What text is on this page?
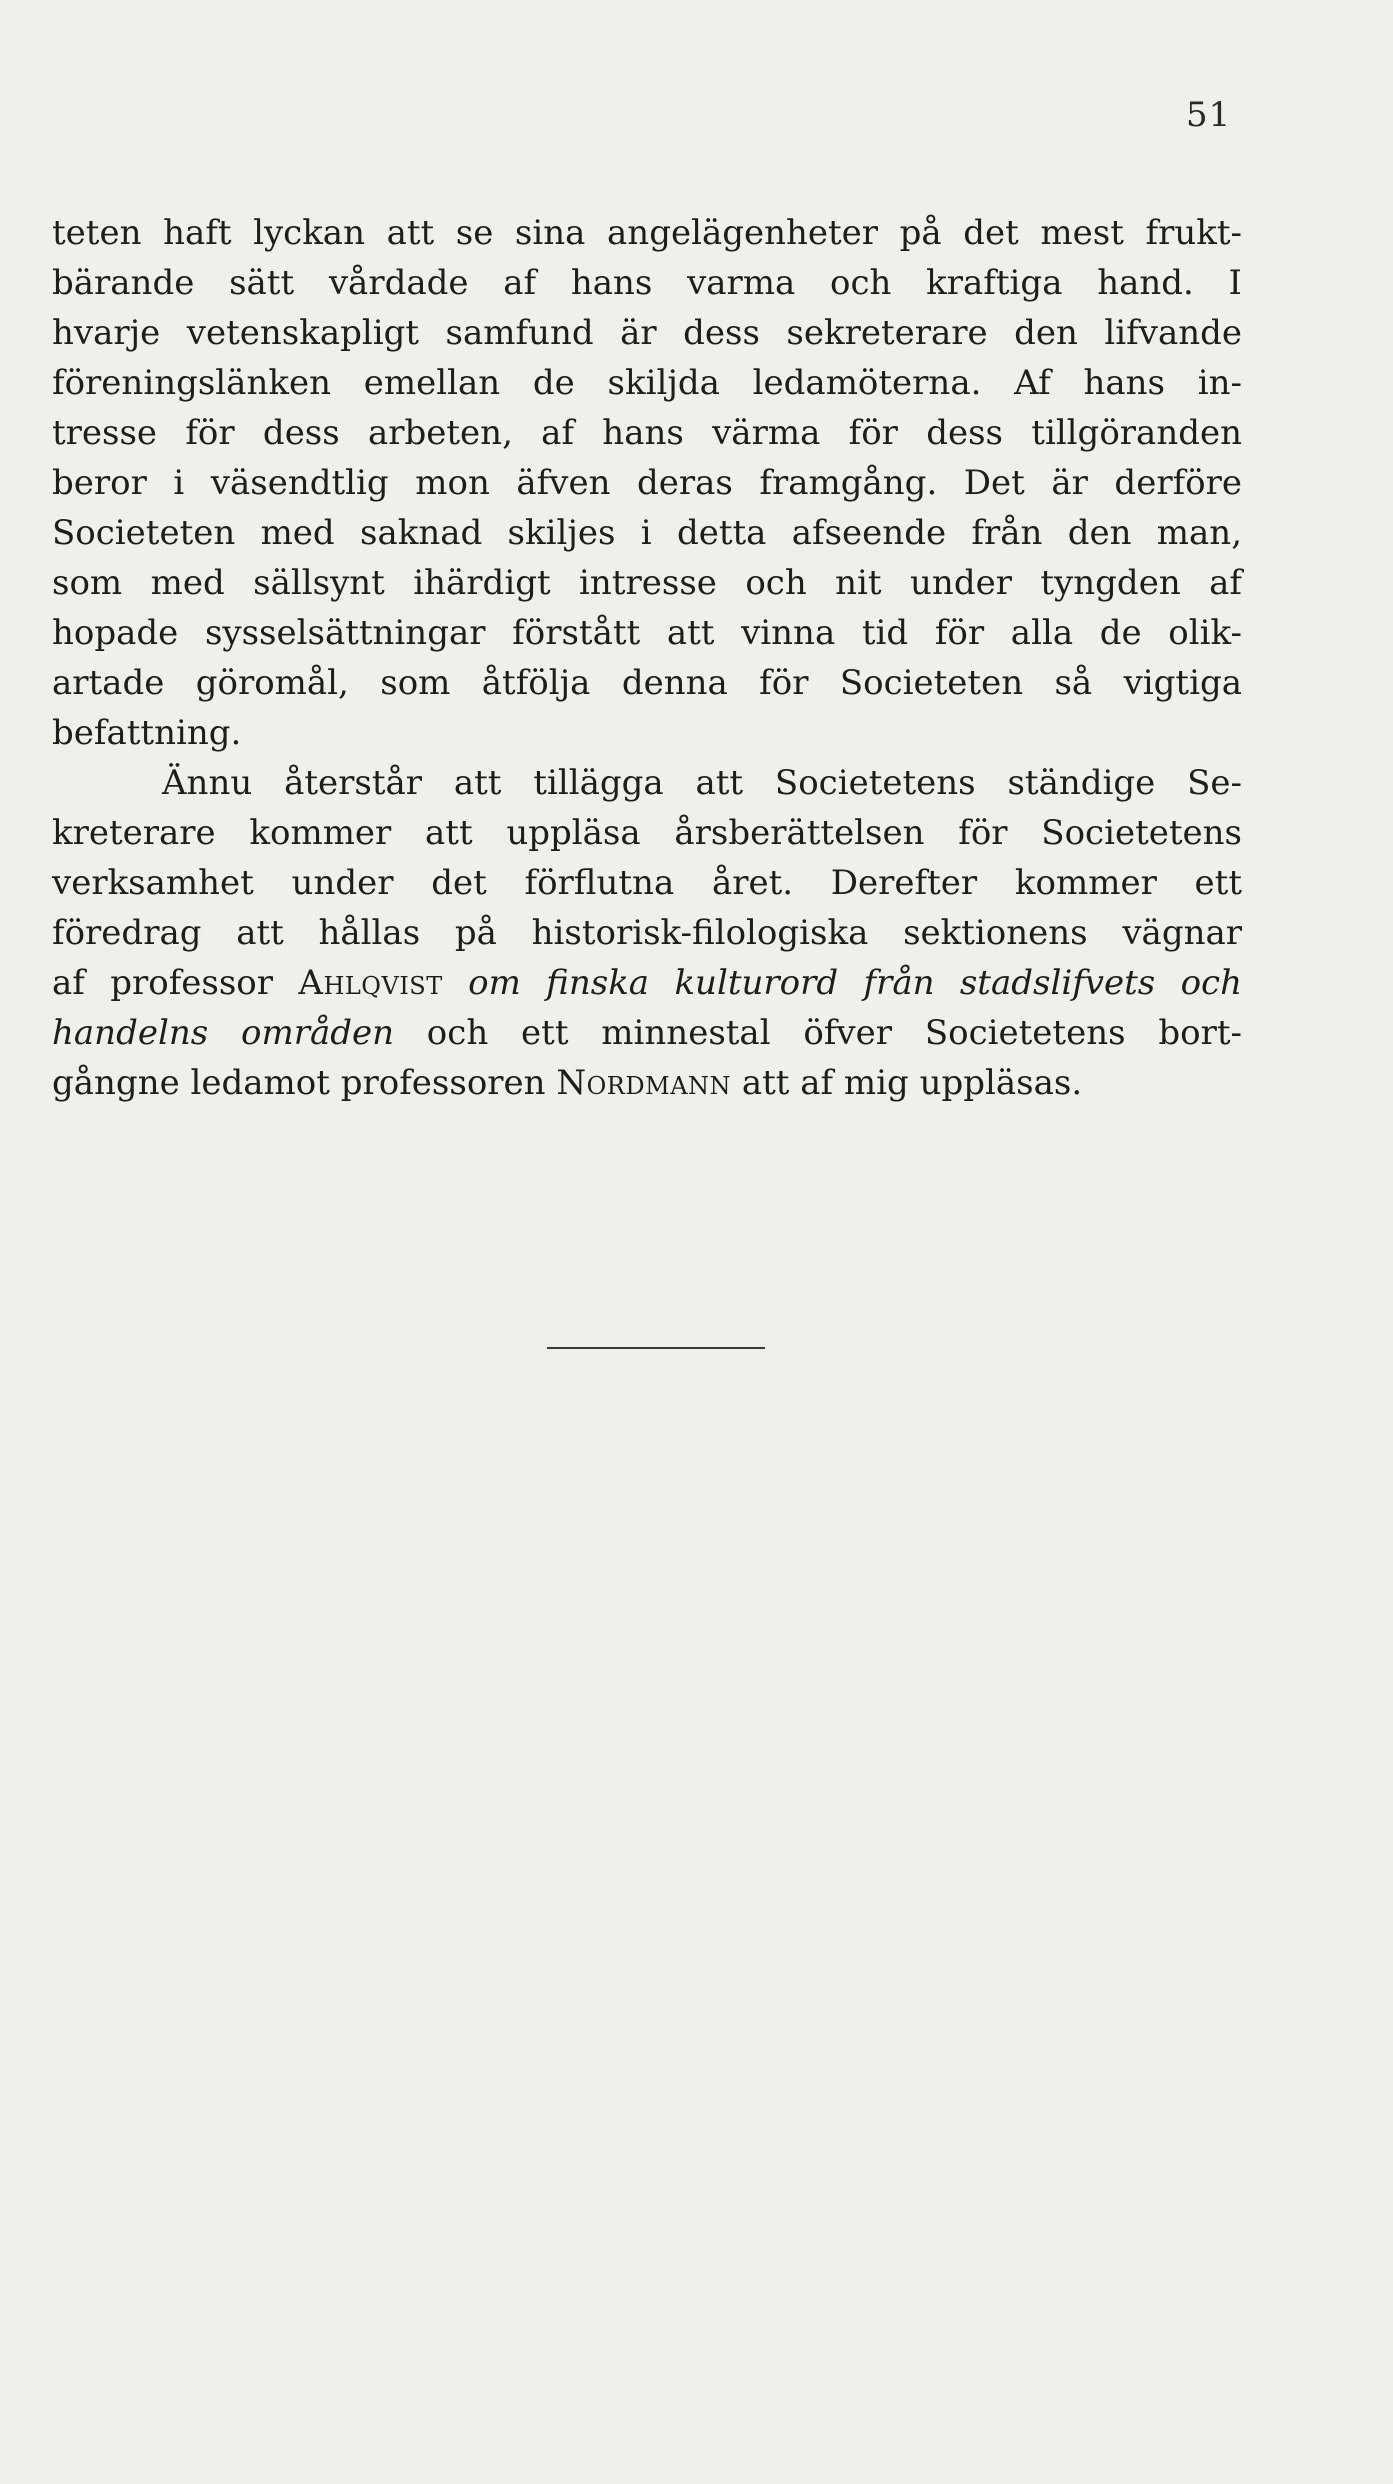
51
teten haft lyckan att se sina angelägenheter på det mest frukt-
bärande sätt vårdade af hans varma och kraftiga hand. I
hvarje vetenskapligt samfund är dess sekreterare den lifvande
föreningslänken emellan de skiljda ledamöterna. Af hans in-
tresse för dess arbeten, af hans värma för dess tillgöranden
beror i väsendtlig mon äfven deras framgång. Det är derföre
Societeten med saknad skiljes i detta afseende från den man,
som med sällsynt ihärdigt intresse och nit under tyngden af
hopade sysselsättningar förstått att vinna tid för alla de olik-
artade göromål, som åtfölja denna för Societeten så vigtiga
befattning.
Ännu återstår att tillägga att Societetens ständige Se-
kreterare kommer att uppläsa årsberättelsen för Societetens
verksamhet under det förflutna året. Derefter kommer ett
föredrag att hållas på historisk-filologiska sektionens vägnar
af professor Ahlqvist om finska kulturord från stadslifvets och
handelns områden och ett minnestal öfver Societetens bort-
gångne ledamot professoren Nordmann att af mig uppläsas.
